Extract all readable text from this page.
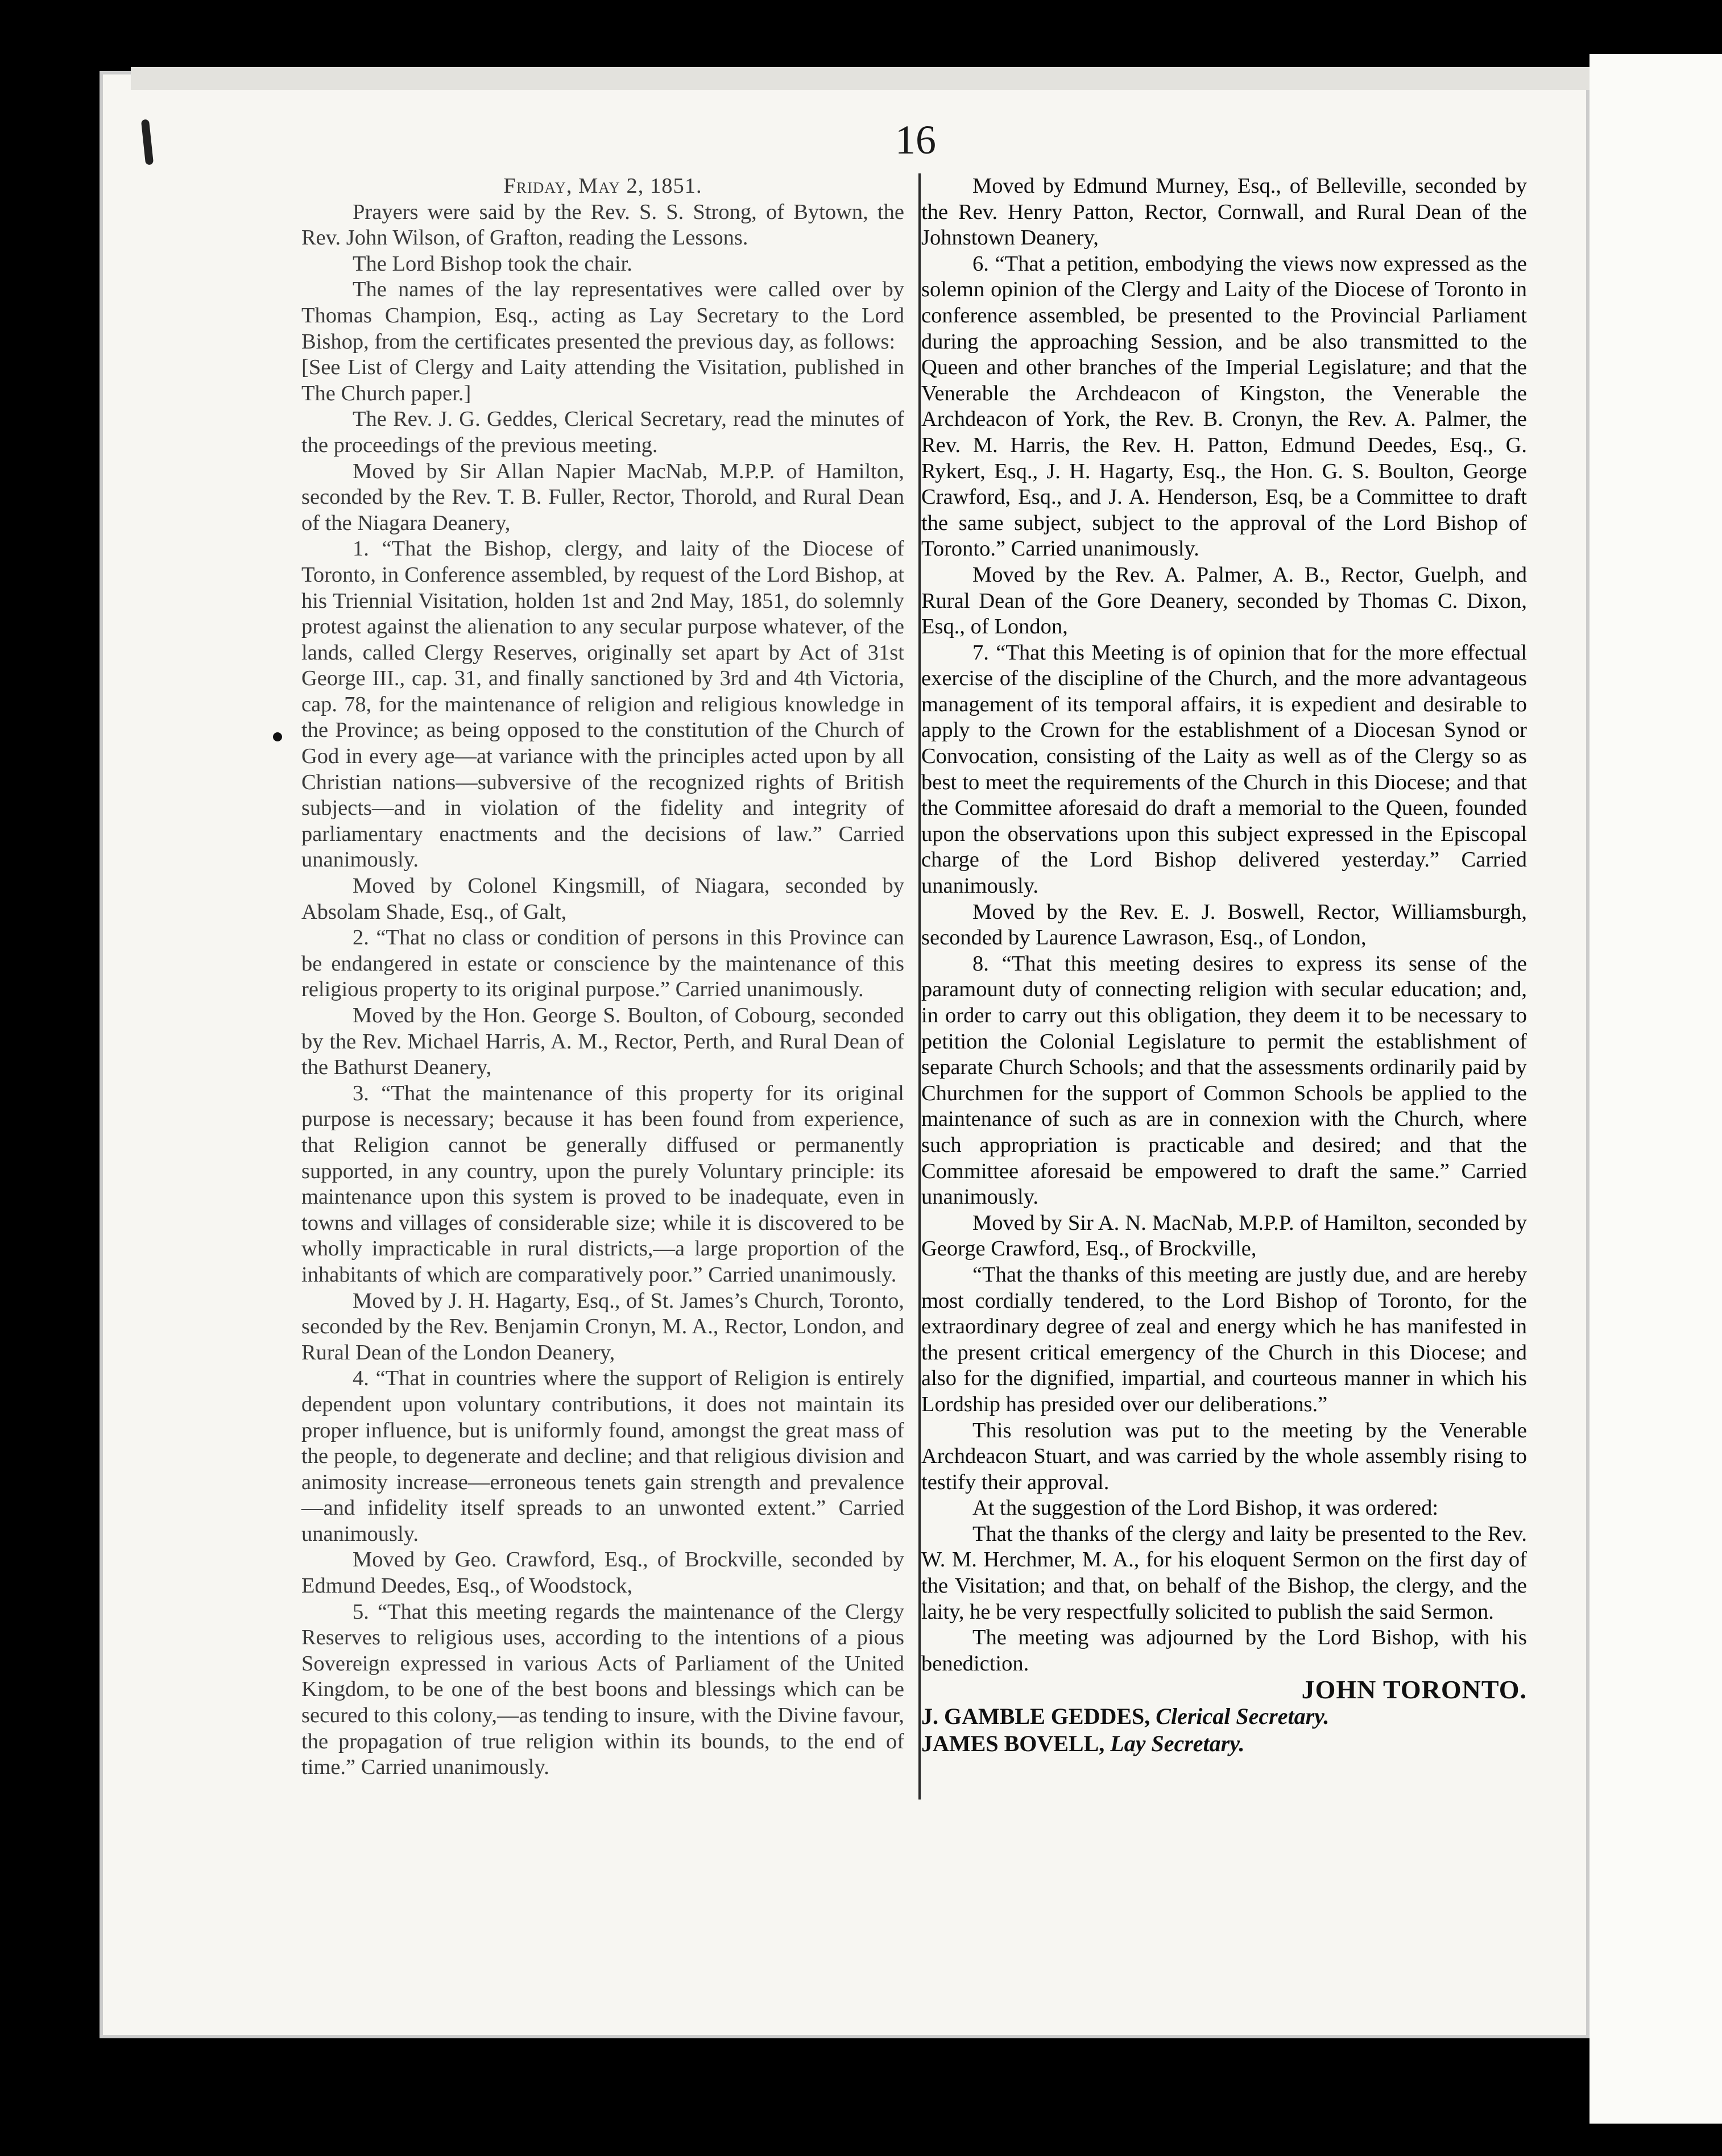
16

Friday, May 2, 1851.

Prayers were said by the Rev. S. S. Strong, of Bytown, the Rev. John Wilson, of Grafton, reading the Lessons.

The Lord Bishop took the chair.

The names of the lay representatives were called over by Thomas Champion, Esq., acting as Lay Secretary to the Lord Bishop, from the certificates presented the previous day, as follows:

[See List of Clergy and Laity attending the Visitation, published in The Church paper.]

The Rev. J. G. Geddes, Clerical Secretary, read the minutes of the proceedings of the previous meeting.

Moved by Sir Allan Napier MacNab, M.P.P. of Hamilton, seconded by the Rev. T. B. Fuller, Rector, Thorold, and Rural Dean of the Niagara Deanery,

1. “That the Bishop, clergy, and laity of the Diocese of Toronto, in Conference assembled, by request of the Lord Bishop, at his Triennial Visitation, holden 1st and 2nd May, 1851, do solemnly protest against the alienation to any secular purpose whatever, of the lands, called Clergy Reserves, originally set apart by Act of 31st George III., cap. 31, and finally sanctioned by 3rd and 4th Victoria, cap. 78, for the maintenance of religion and religious knowledge in the Province; as being opposed to the constitution of the Church of God in every age—at variance with the principles acted upon by all Christian nations—subversive of the recognized rights of British subjects—and in violation of the fidelity and integrity of parliamentary enactments and the decisions of law.” Carried unanimously.

Moved by Colonel Kingsmill, of Niagara, seconded by Absolam Shade, Esq., of Galt,

2. “That no class or condition of persons in this Province can be endangered in estate or conscience by the maintenance of this religious property to its original purpose.” Carried unanimously.

Moved by the Hon. George S. Boulton, of Cobourg, seconded by the Rev. Michael Harris, A. M., Rector, Perth, and Rural Dean of the Bathurst Deanery,

3. “That the maintenance of this property for its original purpose is necessary; because it has been found from experience, that Religion cannot be generally diffused or permanently supported, in any country, upon the purely Voluntary principle: its maintenance upon this system is proved to be inadequate, even in towns and villages of considerable size; while it is discovered to be wholly impracticable in rural districts,—a large proportion of the inhabitants of which are comparatively poor.” Carried unanimously.

Moved by J. H. Hagarty, Esq., of St. James’s Church, Toronto, seconded by the Rev. Benjamin Cronyn, M. A., Rector, London, and Rural Dean of the London Deanery,

4. “That in countries where the support of Religion is entirely dependent upon voluntary contributions, it does not maintain its proper influence, but is uniformly found, amongst the great mass of the people, to degenerate and decline; and that religious division and animosity increase—erroneous tenets gain strength and prevalence—and infidelity itself spreads to an unwonted extent.” Carried unanimously.

Moved by Geo. Crawford, Esq., of Brockville, seconded by Edmund Deedes, Esq., of Woodstock,

5. “That this meeting regards the maintenance of the Clergy Reserves to religious uses, according to the intentions of a pious Sovereign expressed in various Acts of Parliament of the United Kingdom, to be one of the best boons and blessings which can be secured to this colony,—as tending to insure, with the Divine favour, the propagation of true religion within its bounds, to the end of time.” Carried unanimously.

Moved by Edmund Murney, Esq., of Belleville, seconded by the Rev. Henry Patton, Rector, Cornwall, and Rural Dean of the Johnstown Deanery,

6. “That a petition, embodying the views now expressed as the solemn opinion of the Clergy and Laity of the Diocese of Toronto in conference assembled, be presented to the Provincial Parliament during the approaching Session, and be also transmitted to the Queen and other branches of the Imperial Legislature; and that the Venerable the Archdeacon of Kingston, the Venerable the Archdeacon of York, the Rev. B. Cronyn, the Rev. A. Palmer, the Rev. M. Harris, the Rev. H. Patton, Edmund Deedes, Esq., G. Rykert, Esq., J. H. Hagarty, Esq., the Hon. G. S. Boulton, George Crawford, Esq., and J. A. Henderson, Esq, be a Committee to draft the same subject, subject to the approval of the Lord Bishop of Toronto.” Carried unanimously.

Moved by the Rev. A. Palmer, A. B., Rector, Guelph, and Rural Dean of the Gore Deanery, seconded by Thomas C. Dixon, Esq., of London,

7. “That this Meeting is of opinion that for the more effectual exercise of the discipline of the Church, and the more advantageous management of its temporal affairs, it is expedient and desirable to apply to the Crown for the establishment of a Diocesan Synod or Convocation, consisting of the Laity as well as of the Clergy so as best to meet the requirements of the Church in this Diocese; and that the Committee aforesaid do draft a memorial to the Queen, founded upon the observations upon this subject expressed in the Episcopal charge of the Lord Bishop delivered yesterday.” Carried unanimously.

Moved by the Rev. E. J. Boswell, Rector, Williamsburgh, seconded by Laurence Lawrason, Esq., of London,

8. “That this meeting desires to express its sense of the paramount duty of connecting religion with secular education; and, in order to carry out this obligation, they deem it to be necessary to petition the Colonial Legislature to permit the establishment of separate Church Schools; and that the assessments ordinarily paid by Churchmen for the support of Common Schools be applied to the maintenance of such as are in connexion with the Church, where such appropriation is practicable and desired; and that the Committee aforesaid be empowered to draft the same.” Carried unanimously.

Moved by Sir A. N. MacNab, M.P.P. of Hamilton, seconded by George Crawford, Esq., of Brockville,

“That the thanks of this meeting are justly due, and are hereby most cordially tendered, to the Lord Bishop of Toronto, for the extraordinary degree of zeal and energy which he has manifested in the present critical emergency of the Church in this Diocese; and also for the dignified, impartial, and courteous manner in which his Lordship has presided over our deliberations.”

This resolution was put to the meeting by the Venerable Archdeacon Stuart, and was carried by the whole assembly rising to testify their approval.

At the suggestion of the Lord Bishop, it was ordered:

That the thanks of the clergy and laity be presented to the Rev. W. M. Herchmer, M. A., for his eloquent Sermon on the first day of the Visitation; and that, on behalf of the Bishop, the clergy, and the laity, he be very respectfully solicited to publish the said Sermon.

The meeting was adjourned by the Lord Bishop, with his benediction.

JOHN TORONTO.

J. GAMBLE GEDDES, Clerical Secretary.

JAMES BOVELL, Lay Secretary.
